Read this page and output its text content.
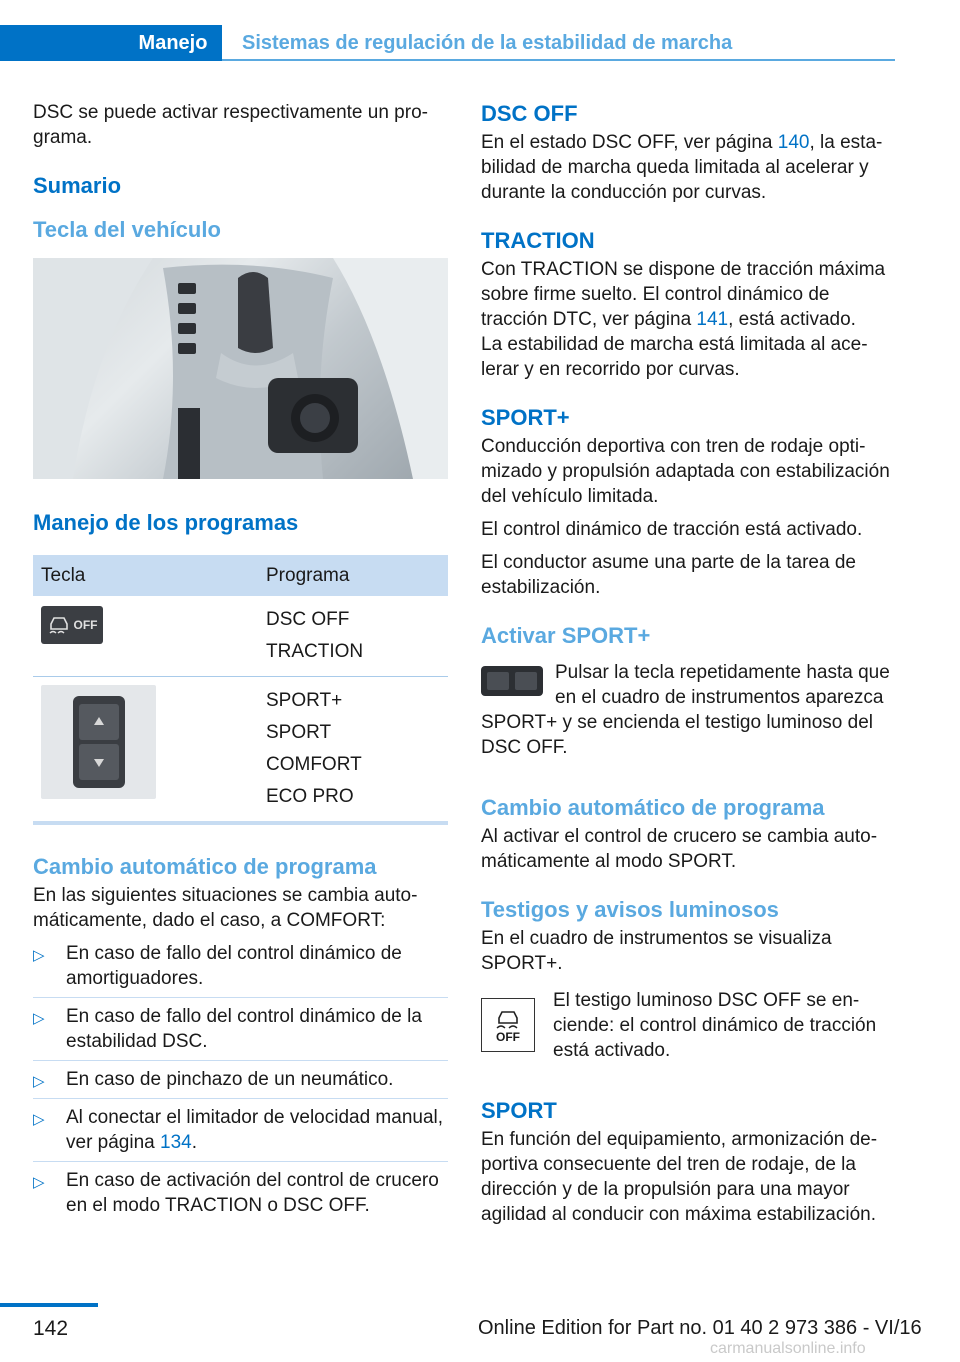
Manejo	Sistemas de regulación de la estabilidad de marcha

DSC se puede activar respectivamente un programa.

Sumario
Tecla del vehículo
Manejo de los programas
Tecla	Programa

OFF	DSC OFF
TRACTION

SPORT+
SPORT
COMFORT
ECO PRO
Cambio automático de programa

En las siguientes situaciones se cambia automáticamente, dado el caso, a COMFORT:

▷ En caso de fallo del control dinámico de amortiguadores.
▷ En caso de fallo del control dinámico de la estabilidad DSC.
▷ En caso de pinchazo de un neumático.
▷ Al conectar el limitador de velocidad manual, ver página 134.
▷ En caso de activación del control de crucero en el modo TRACTION o DSC OFF.
DSC OFF

En el estado DSC OFF, ver página 140, la estabilidad de marcha queda limitada al acelerar y durante la conducción por curvas.

TRACTION

Con TRACTION se dispone de tracción máxima sobre firme suelto. El control dinámico de tracción DTC, ver página 141, está activado.

La estabilidad de marcha está limitada al acelerar y en recorrido por curvas.

SPORT+

Conducción deportiva con tren de rodaje optimizado y propulsión adaptada con estabilización del vehículo limitada.

El control dinámico de tracción está activado.

El conductor asume una parte de la tarea de estabilización.

Activar SPORT+
Pulsar la tecla repetidamente hasta que en el cuadro de instrumentos aparezca SPORT+ y se encienda el testigo luminoso del DSC OFF.
Cambio automático de programa

Al activar el control de crucero se cambia automáticamente al modo SPORT.

Testigos y avisos luminosos

En el cuadro de instrumentos se visualiza SPORT+.

OFF
El testigo luminoso DSC OFF se enciende: el control dinámico de tracción está activado.
SPORT

En función del equipamiento, armonización deportiva consecuente del tren de rodaje, de la dirección y de la propulsión para una mayor agilidad al conducir con máxima estabilización.

142	Online Edition for Part no. 01 40 2 973 386 - VI/16
carmanualsonline.info
